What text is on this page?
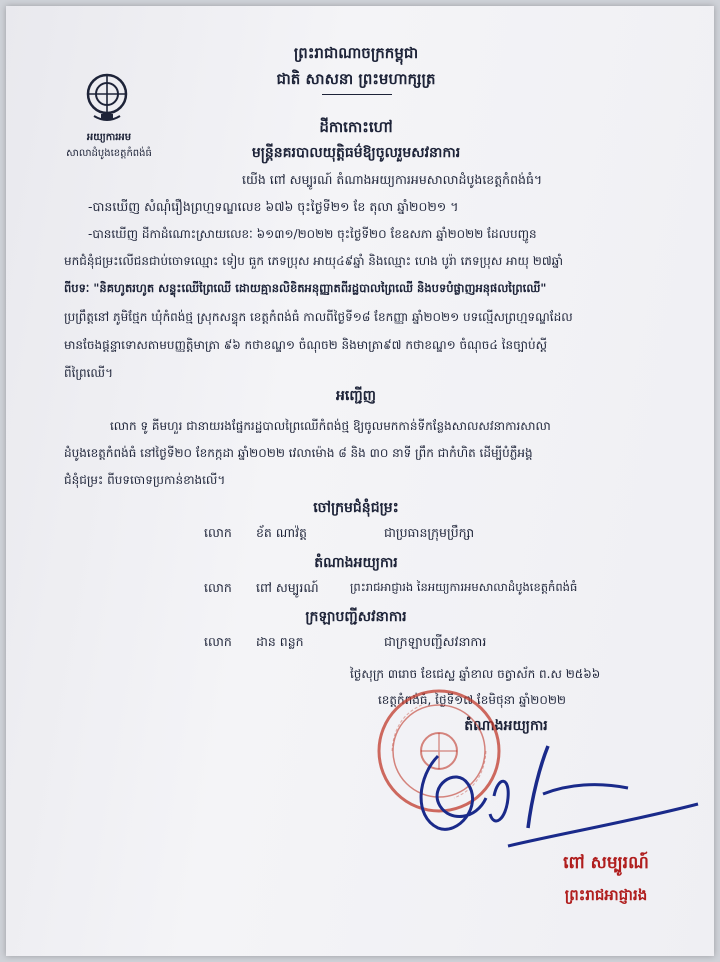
អយ្យការអម
សាលាដំបូងខេត្តកំពង់ធំ
ព្រះរាជាណាចក្រកម្ពុជា
ជាតិ សាសនា ព្រះមហាក្សត្រ
ដីកាកោះហៅ
មន្ត្រីនគរបាលយុត្តិធម៌ឱ្យចូលរួមសវនាការ
យើង ពៅ សម្បូរណ៍ តំណាងអយ្យការអមសាលាដំបូងខេត្តកំពង់ធំ។
-បានឃើញ សំណុំរឿងព្រហ្មទណ្ឌលេខ ៦៧៦ ចុះថ្ងៃទី២១ ខែ តុលា ឆ្នាំ២០២១ ។
-បានឃើញ ដីកាដំណោះស្រាយលេខៈ ៦១៣១/២០២២ ចុះថ្ងៃទី២០ ខែឧសភា ឆ្នាំ២០២២ ដែលបញ្ជូន
មកជំនុំជម្រះលើជនជាប់ចោទឈ្មោះ ទៀប ធួក ភេទប្រុស អាយុ៤៩ឆ្នាំ និងឈ្មោះ ហេង បូរ៉ា ភេទប្រុស អាយុ ២៧ឆ្នាំ
ពីបទៈ "និគហូតរហូត សន្ទុះឈើព្រៃឈើ ដោយគ្មានលិខិតអនុញ្ញាតពីរដ្ឋបាលព្រៃឈើ និងបទបំផ្លាញអនុផលព្រៃឈើ"
ប្រព្រឹត្តនៅ ភូមិថ្មែក ឃុំកំពង់ថ្ម ស្រុកសន្ទុក ខេត្តកំពង់ធំ កាលពីថ្ងៃទី១៨ ខែកញ្ញា ឆ្នាំ២០២១ បទល្មើសព្រហ្មទណ្ឌដែល
មានចែងផ្តន្ទាទោសតាមបញ្ញត្តិមាត្រា ៩៦ កថាខណ្ឌ១ ចំណុច២ និងមាត្រា៩៧ កថាខណ្ឌ១ ចំណុច៤ នៃច្បាប់ស្តី
ពីព្រៃឈើ។
អញ្ជើញ
លោក ទូ គីមហួរ ជានាយរងផ្នែករដ្ឋបាលព្រៃឈើកំពង់ថ្ម ឱ្យចូលមកកាន់ទីកន្លែងសាលសវនាការសាលា
ដំបូងខេត្តកំពង់ធំ នៅថ្ងៃទី២០ ខែកក្កដា ឆ្នាំ២០២២ វេលាម៉ោង ៨ និង ៣០ នាទី ព្រឹក ជាកំហិត ដើម្បីបំភ្លឺអង្គ
ជំនុំជម្រះ ពីបទចោទប្រកាន់ខាងលើ។
ចៅក្រមជំនុំជម្រះ
លោក ខ័ត ណាវ៉ត្ត	ជាប្រធានក្រុមប្រឹក្សា
តំណាងអយ្យការ
លោក ពៅ សម្បូរណ៍	ព្រះរាជអាជ្ញារង នៃអយ្យការអមសាលាដំបូងខេត្តកំពង់ធំ
ក្រឡាបញ្ជីសវនាការ
លោក ដាន ពន្លក	ជាក្រឡាបញ្ជីសវនាការ
ថ្ងៃសុក្រ ៣រោច ខែជេស្ឋ ឆ្នាំខាល ចត្វាស័ក ព.ស ២៥៦៦
ខេត្តកំពង់ធំ, ថ្ងៃទី១៧ ខែមិថុនា ឆ្នាំ២០២២
តំណាងអយ្យការ
ពៅ សម្បូរណ៍
ព្រះរាជអាជ្ញារង
